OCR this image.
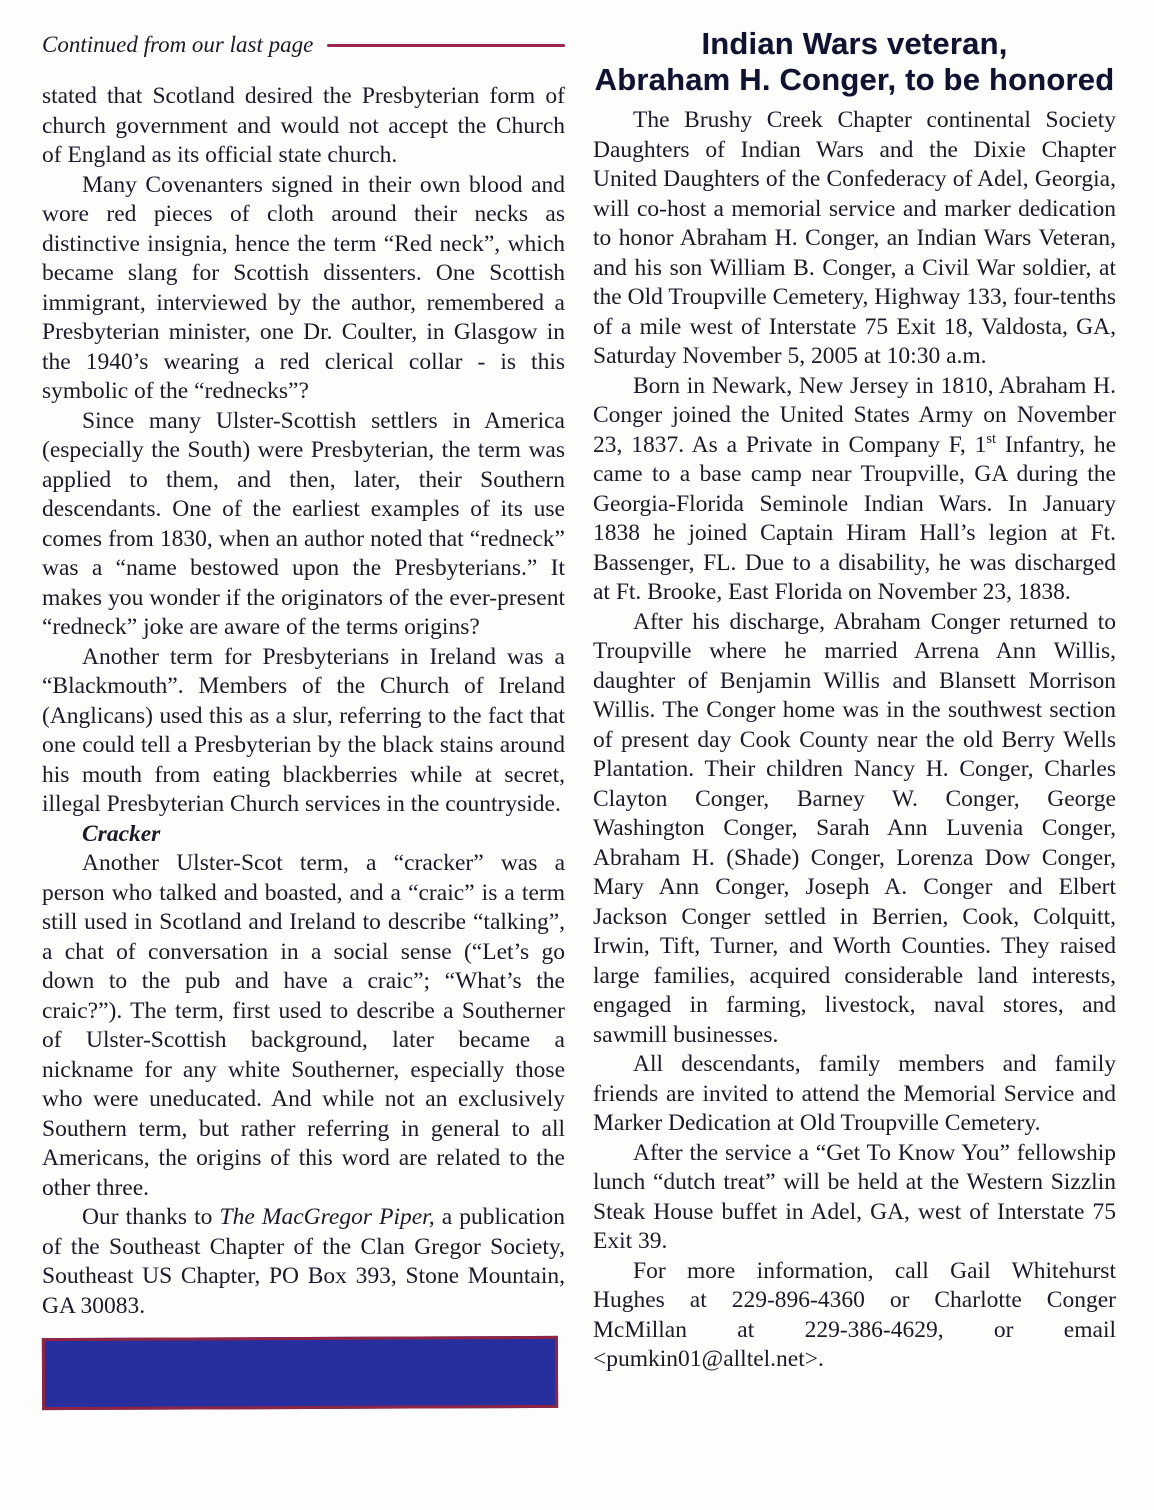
Continued from our last page

stated that Scotland desired the Presbyterian form of church government and would not accept the Church of England as its official state church.

Many Covenanters signed in their own blood and wore red pieces of cloth around their necks as distinctive insignia, hence the term “Red neck”, which became slang for Scottish dissenters. One Scottish immigrant, interviewed by the author, remembered a Presbyterian minister, one Dr. Coulter, in Glasgow in the 1940’s wearing a red clerical collar - is this symbolic of the “rednecks”?

Since many Ulster-Scottish settlers in America (especially the South) were Presbyterian, the term was applied to them, and then, later, their Southern descendants. One of the earliest examples of its use comes from 1830, when an author noted that “redneck” was a “name bestowed upon the Presbyterians.” It makes you wonder if the originators of the ever-present “redneck” joke are aware of the terms origins?

Another term for Presbyterians in Ireland was a “Blackmouth”. Members of the Church of Ireland (Anglicans) used this as a slur, referring to the fact that one could tell a Presbyterian by the black stains around his mouth from eating blackberries while at secret, illegal Presbyterian Church services in the countryside.

Cracker

Another Ulster-Scot term, a “cracker” was a person who talked and boasted, and a “craic” is a term still used in Scotland and Ireland to describe “talking”, a chat of conversation in a social sense (“Let’s go down to the pub and have a craic”; “What’s the craic?”). The term, first used to describe a Southerner of Ulster-Scottish background, later became a nickname for any white Southerner, especially those who were uneducated. And while not an exclusively Southern term, but rather referring in general to all Americans, the origins of this word are related to the other three.

Our thanks to The MacGregor Piper, a publication of the Southeast Chapter of the Clan Gregor Society, Southeast US Chapter, PO Box 393, Stone Mountain, GA 30083.

Indian Wars veteran,
Abraham H. Conger, to be honored

The Brushy Creek Chapter continental Society Daughters of Indian Wars and the Dixie Chapter United Daughters of the Confederacy of Adel, Georgia, will co-host a memorial service and marker dedication to honor Abraham H. Conger, an Indian Wars Veteran, and his son William B. Conger, a Civil War soldier, at the Old Troupville Cemetery, Highway 133, four-tenths of a mile west of Interstate 75 Exit 18, Valdosta, GA, Saturday November 5, 2005 at 10:30 a.m.

Born in Newark, New Jersey in 1810, Abraham H. Conger joined the United States Army on November 23, 1837. As a Private in Company F, 1st Infantry, he came to a base camp near Troupville, GA during the Georgia-Florida Seminole Indian Wars. In January 1838 he joined Captain Hiram Hall’s legion at Ft. Bassenger, FL. Due to a disability, he was discharged at Ft. Brooke, East Florida on November 23, 1838.

After his discharge, Abraham Conger returned to Troupville where he married Arrena Ann Willis, daughter of Benjamin Willis and Blansett Morrison Willis. The Conger home was in the southwest section of present day Cook County near the old Berry Wells Plantation. Their children Nancy H. Conger, Charles Clayton Conger, Barney W. Conger, George Washington Conger, Sarah Ann Luvenia Conger, Abraham H. (Shade) Conger, Lorenza Dow Conger, Mary Ann Conger, Joseph A. Conger and Elbert Jackson Conger settled in Berrien, Cook, Colquitt, Irwin, Tift, Turner, and Worth Counties. They raised large families, acquired considerable land interests, engaged in farming, livestock, naval stores, and sawmill businesses.

All descendants, family members and family friends are invited to attend the Memorial Service and Marker Dedication at Old Troupville Cemetery.

After the service a “Get To Know You” fellowship lunch “dutch treat” will be held at the Western Sizzlin Steak House buffet in Adel, GA, west of Interstate 75 Exit 39.

For more information, call Gail Whitehurst Hughes at 229-896-4360 or Charlotte Conger McMillan at 229-386-4629, or email <pumkin01@alltel.net>.
